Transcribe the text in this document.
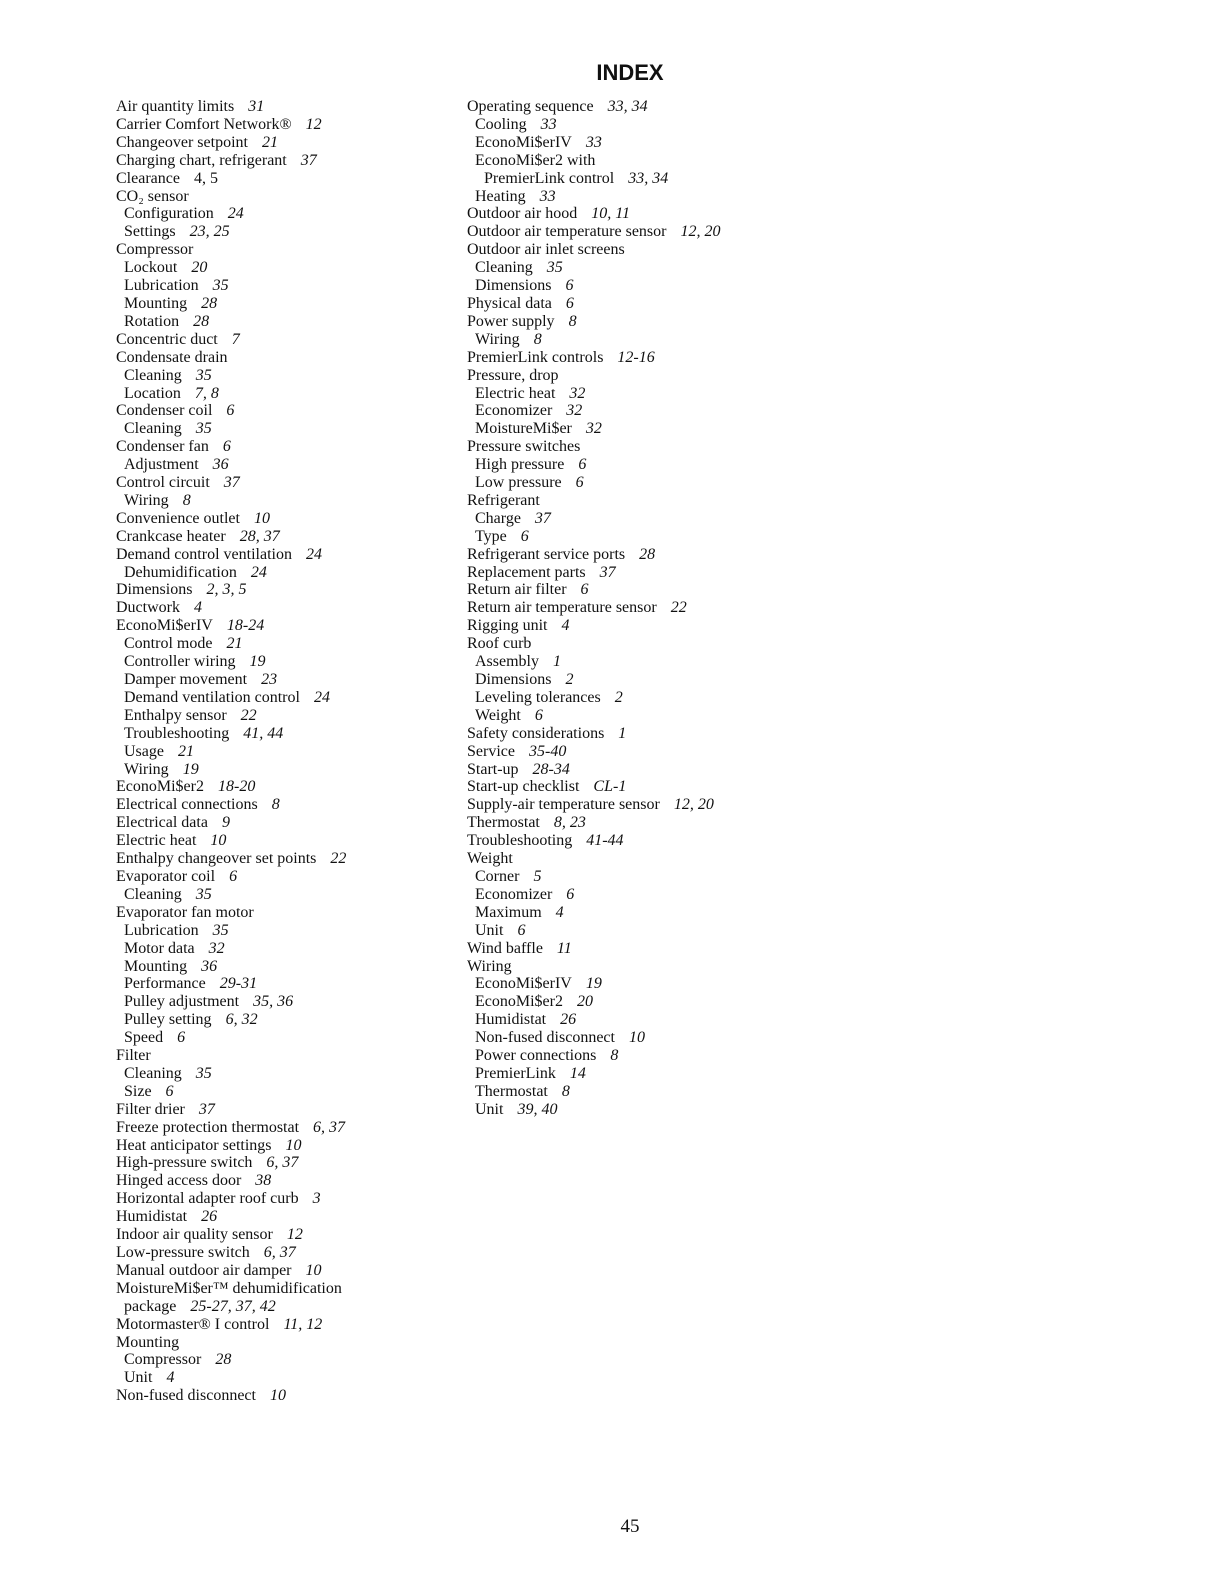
INDEX
Air quantity limits 31
Carrier Comfort Network® 12
Changeover setpoint 21
Charging chart, refrigerant 37
Clearance 4, 5
CO₂ sensor
Configuration 24
Settings 23, 25
Compressor
Lockout 20
Lubrication 35
Mounting 28
Rotation 28
Concentric duct 7
Condensate drain
Cleaning 35
Location 7, 8
Condenser coil 6
Cleaning 35
Condenser fan 6
Adjustment 36
Control circuit 37
Wiring 8
Convenience outlet 10
Crankcase heater 28, 37
Demand control ventilation 24
Dehumidification 24
Dimensions 2, 3, 5
Ductwork 4
EconoMi$erIV 18-24
Control mode 21
Controller wiring 19
Damper movement 23
Demand ventilation control 24
Enthalpy sensor 22
Troubleshooting 41, 44
Usage 21
Wiring 19
EconoMi$er2 18-20
Electrical connections 8
Electrical data 9
Electric heat 10
Enthalpy changeover set points 22
Evaporator coil 6
Cleaning 35
Evaporator fan motor
Lubrication 35
Motor data 32
Mounting 36
Performance 29-31
Pulley adjustment 35, 36
Pulley setting 6, 32
Speed 6
Filter
Cleaning 35
Size 6
Filter drier 37
Freeze protection thermostat 6, 37
Heat anticipator settings 10
High-pressure switch 6, 37
Hinged access door 38
Horizontal adapter roof curb 3
Humidistat 26
Indoor air quality sensor 12
Low-pressure switch 6, 37
Manual outdoor air damper 10
MoistureMi$er™ dehumidification
package 25-27, 37, 42
Motormaster® I control 11, 12
Mounting
Compressor 28
Unit 4
Non-fused disconnect 10
Operating sequence 33, 34
Cooling 33
EconoMi$erIV 33
EconoMi$er2 with
PremierLink control 33, 34
Heating 33
Outdoor air hood 10, 11
Outdoor air temperature sensor 12, 20
Outdoor air inlet screens
Cleaning 35
Dimensions 6
Physical data 6
Power supply 8
Wiring 8
PremierLink controls 12-16
Pressure, drop
Electric heat 32
Economizer 32
MoistureMi$er 32
Pressure switches
High pressure 6
Low pressure 6
Refrigerant
Charge 37
Type 6
Refrigerant service ports 28
Replacement parts 37
Return air filter 6
Return air temperature sensor 22
Rigging unit 4
Roof curb
Assembly 1
Dimensions 2
Leveling tolerances 2
Weight 6
Safety considerations 1
Service 35-40
Start-up 28-34
Start-up checklist CL-1
Supply-air temperature sensor 12, 20
Thermostat 8, 23
Troubleshooting 41-44
Weight
Corner 5
Economizer 6
Maximum 4
Unit 6
Wind baffle 11
Wiring
EconoMi$erIV 19
EconoMi$er2 20
Humidistat 26
Non-fused disconnect 10
Power connections 8
PremierLink 14
Thermostat 8
Unit 39, 40
45
